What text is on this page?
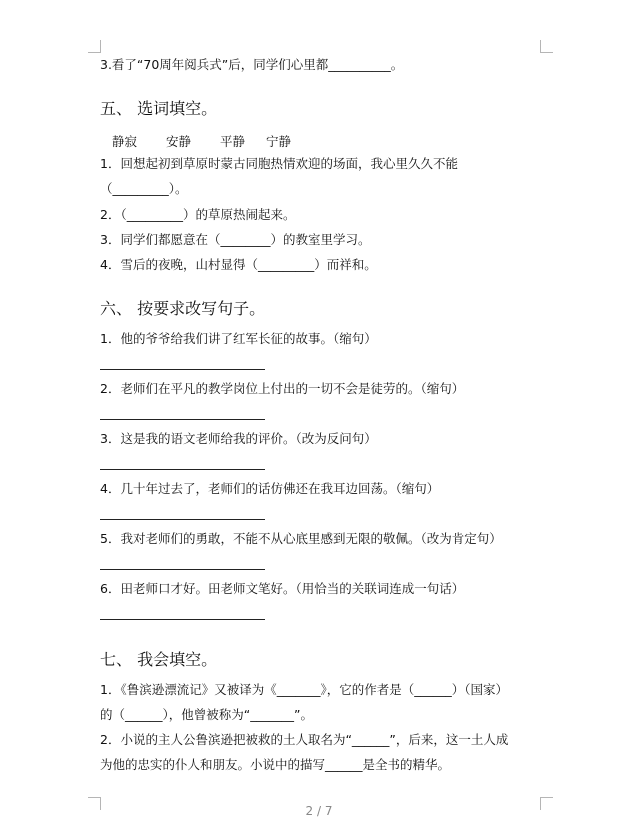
3.看了“70周年阅兵式”后，同学们心里都__________。
五、 选词填空。
静寂 安静 平静 宁静
1．回想起初到草原时蒙古同胞热情欢迎的场面，我心里久久不能
（_________）。
2．（_________）的草原热闹起来。
3．同学们都愿意在（________）的教室里学习。
4．雪后的夜晚，山村显得（_________）而祥和。
六、 按要求改写句子。
1．他的爷爷给我们讲了红军长征的故事。（缩句）
2．老师们在平凡的教学岗位上付出的一切不会是徒劳的。（缩句）
3．这是我的语文老师给我的评价。（改为反问句）
4．几十年过去了，老师们的话仿佛还在我耳边回荡。（缩句）
5．我对老师们的勇敢，不能不从心底里感到无限的敬佩。（改为肯定句）
6．田老师口才好。田老师文笔好。（用恰当的关联词连成一句话）
七、 我会填空。
1．《鲁滨逊漂流记》又被译为《_______》，它的作者是（______）（国家）
的（______），他曾被称为“_______”。
2．小说的主人公鲁滨逊把被救的土人取名为“______”，后来，这一土人成
为他的忠实的仆人和朋友。小说中的描写______是全书的精华。
2 / 7
